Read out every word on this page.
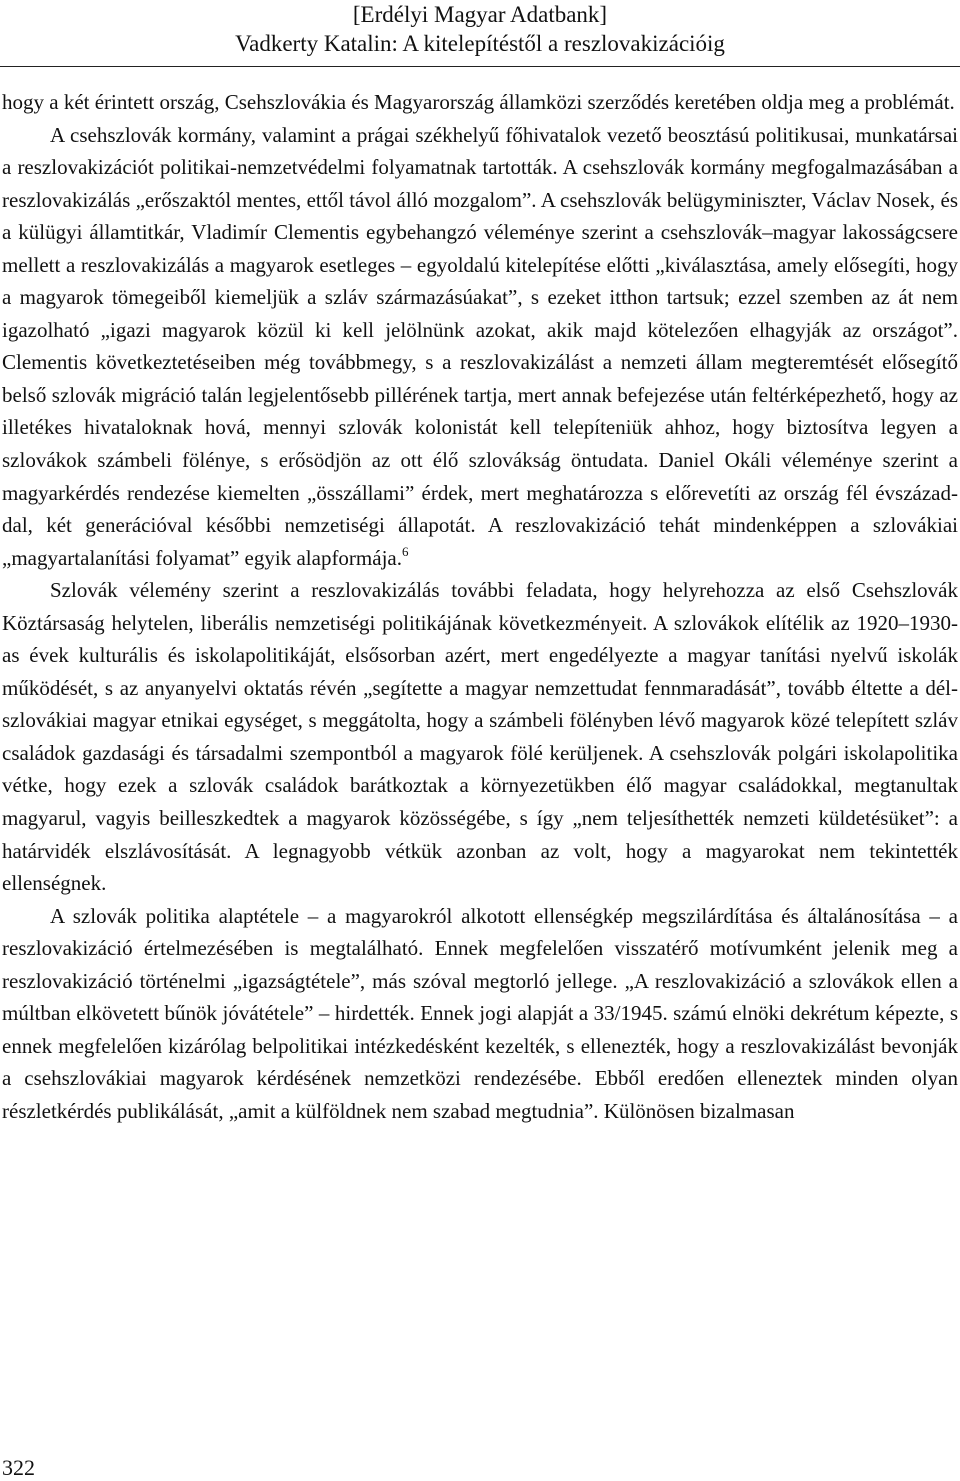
[Erdélyi Magyar Adatbank]
Vadkerty Katalin: A kitelepítéstől a reszlovakizációig

hogy a két érintett ország, Csehszlovákia és Magyarország államközi szerződés keretében oldja meg a problémát.

A csehszlovák kormány, valamint a prágai székhelyű főhivatalok vezető beosztású politikusai, munkatársai a reszlovakizációt politikai-nemzetvédelmi folyamatnak tartották. A csehszlovák kormány megfogalmazásában a reszlovakizálás „erőszaktól mentes, ettől távol álló mozgalom”. A csehszlovák belügyminiszter, Václav Nosek, és a külügyi államtitkár, Vladimír Clementis egybehangzó véleménye szerint a csehszlovák–magyar lakosságcsere mellett a reszlovakizálás a magyarok esetleges – egyoldalú kitelepítése előtti „kiválasztása, amely elősegíti, hogy a magyarok tömegeiből kiemeljük a szláv származásúakat”, s ezeket itthon tartsuk; ezzel szemben az át nem igazolható „igazi magyarok közül ki kell jelölnünk azokat, akik majd kötelezően elhagyják az országot”. Clementis következtetéseiben még továbbmegy, s a reszlovakizálást a nemzeti állam megteremtését elősegítő belső szlovák migráció talán legjelentősebb pillérének tartja, mert annak befejezése után feltérképezhető, hogy az illetékes hivataloknak hová, mennyi szlovák kolonistát kell telepíteniük ahhoz, hogy biztosítva legyen a szlovákok számbeli fölénye, s erősödjön az ott élő szlovákság öntudata. Daniel Okáli véleménye szerint a magyarkérdés rendezése kiemelten „összállami” érdek, mert meghatározza s előrevetíti az ország fél évszázaddal, két generációval későbbi nemzetiségi állapotát. A reszlovakizáció tehát mindenképpen a szlovákiai „magyartalanítási folyamat” egyik alapformája.$^6$

Szlovák vélemény szerint a reszlovakizálás további feladata, hogy helyrehozza az első Csehszlovák Köztársaság helytelen, liberális nemzetiségi politikájának következményeit. A szlovákok elítélik az 1920–1930-as évek kulturális és iskolapolitikáját, elsősorban azért, mert engedélyezte a magyar tanítási nyelvű iskolák működését, s az anyanyelvi oktatás révén „segítette a magyar nemzettudat fennmaradását”, tovább éltette a dél-szlovákiai magyar etnikai egységet, s meggátolta, hogy a számbeli fölényben lévő magyarok közé telepített szláv családok gazdasági és társadalmi szempontból a magyarok fölé kerüljenek. A csehszlovák polgári iskolapolitika vétke, hogy ezek a szlovák családok barátkoztak a környezetükben élő magyar családokkal, megtanultak magyarul, vagyis beilleszkedtek a magyarok közösségébe, s így „nem teljesíthették nemzeti küldetésüket”: a határvidék elszlávosítását. A legnagyobb vétkük azonban az volt, hogy a magyarokat nem tekintették ellenségnek.

A szlovák politika alaptétele – a magyarokról alkotott ellenségkép megszilárdítása és általánosítása – a reszlovakizáció értelmezésében is megtalálható. Ennek megfelelően visszatérő motívumként jelenik meg a reszlovakizáció történelmi „igazságtétele”, más szóval megtorló jellege. „A reszlovakizáció a szlovákok ellen a múltban elkövetett bűnök jóvátétele” – hirdették. Ennek jogi alapját a 33/1945. számú elnöki dekrétum képezte, s ennek megfelelően kizárólag belpolitikai intézkedésként kezelték, s ellenezték, hogy a reszlovakizálást bevonják a csehszlovákiai magyarok kérdésének nemzetközi rendezésébe. Ebből eredően elleneztek minden olyan részletkérdés publikálását, „amit a külföldnek nem szabad megtudnia”. Különösen bizalmasan

322
